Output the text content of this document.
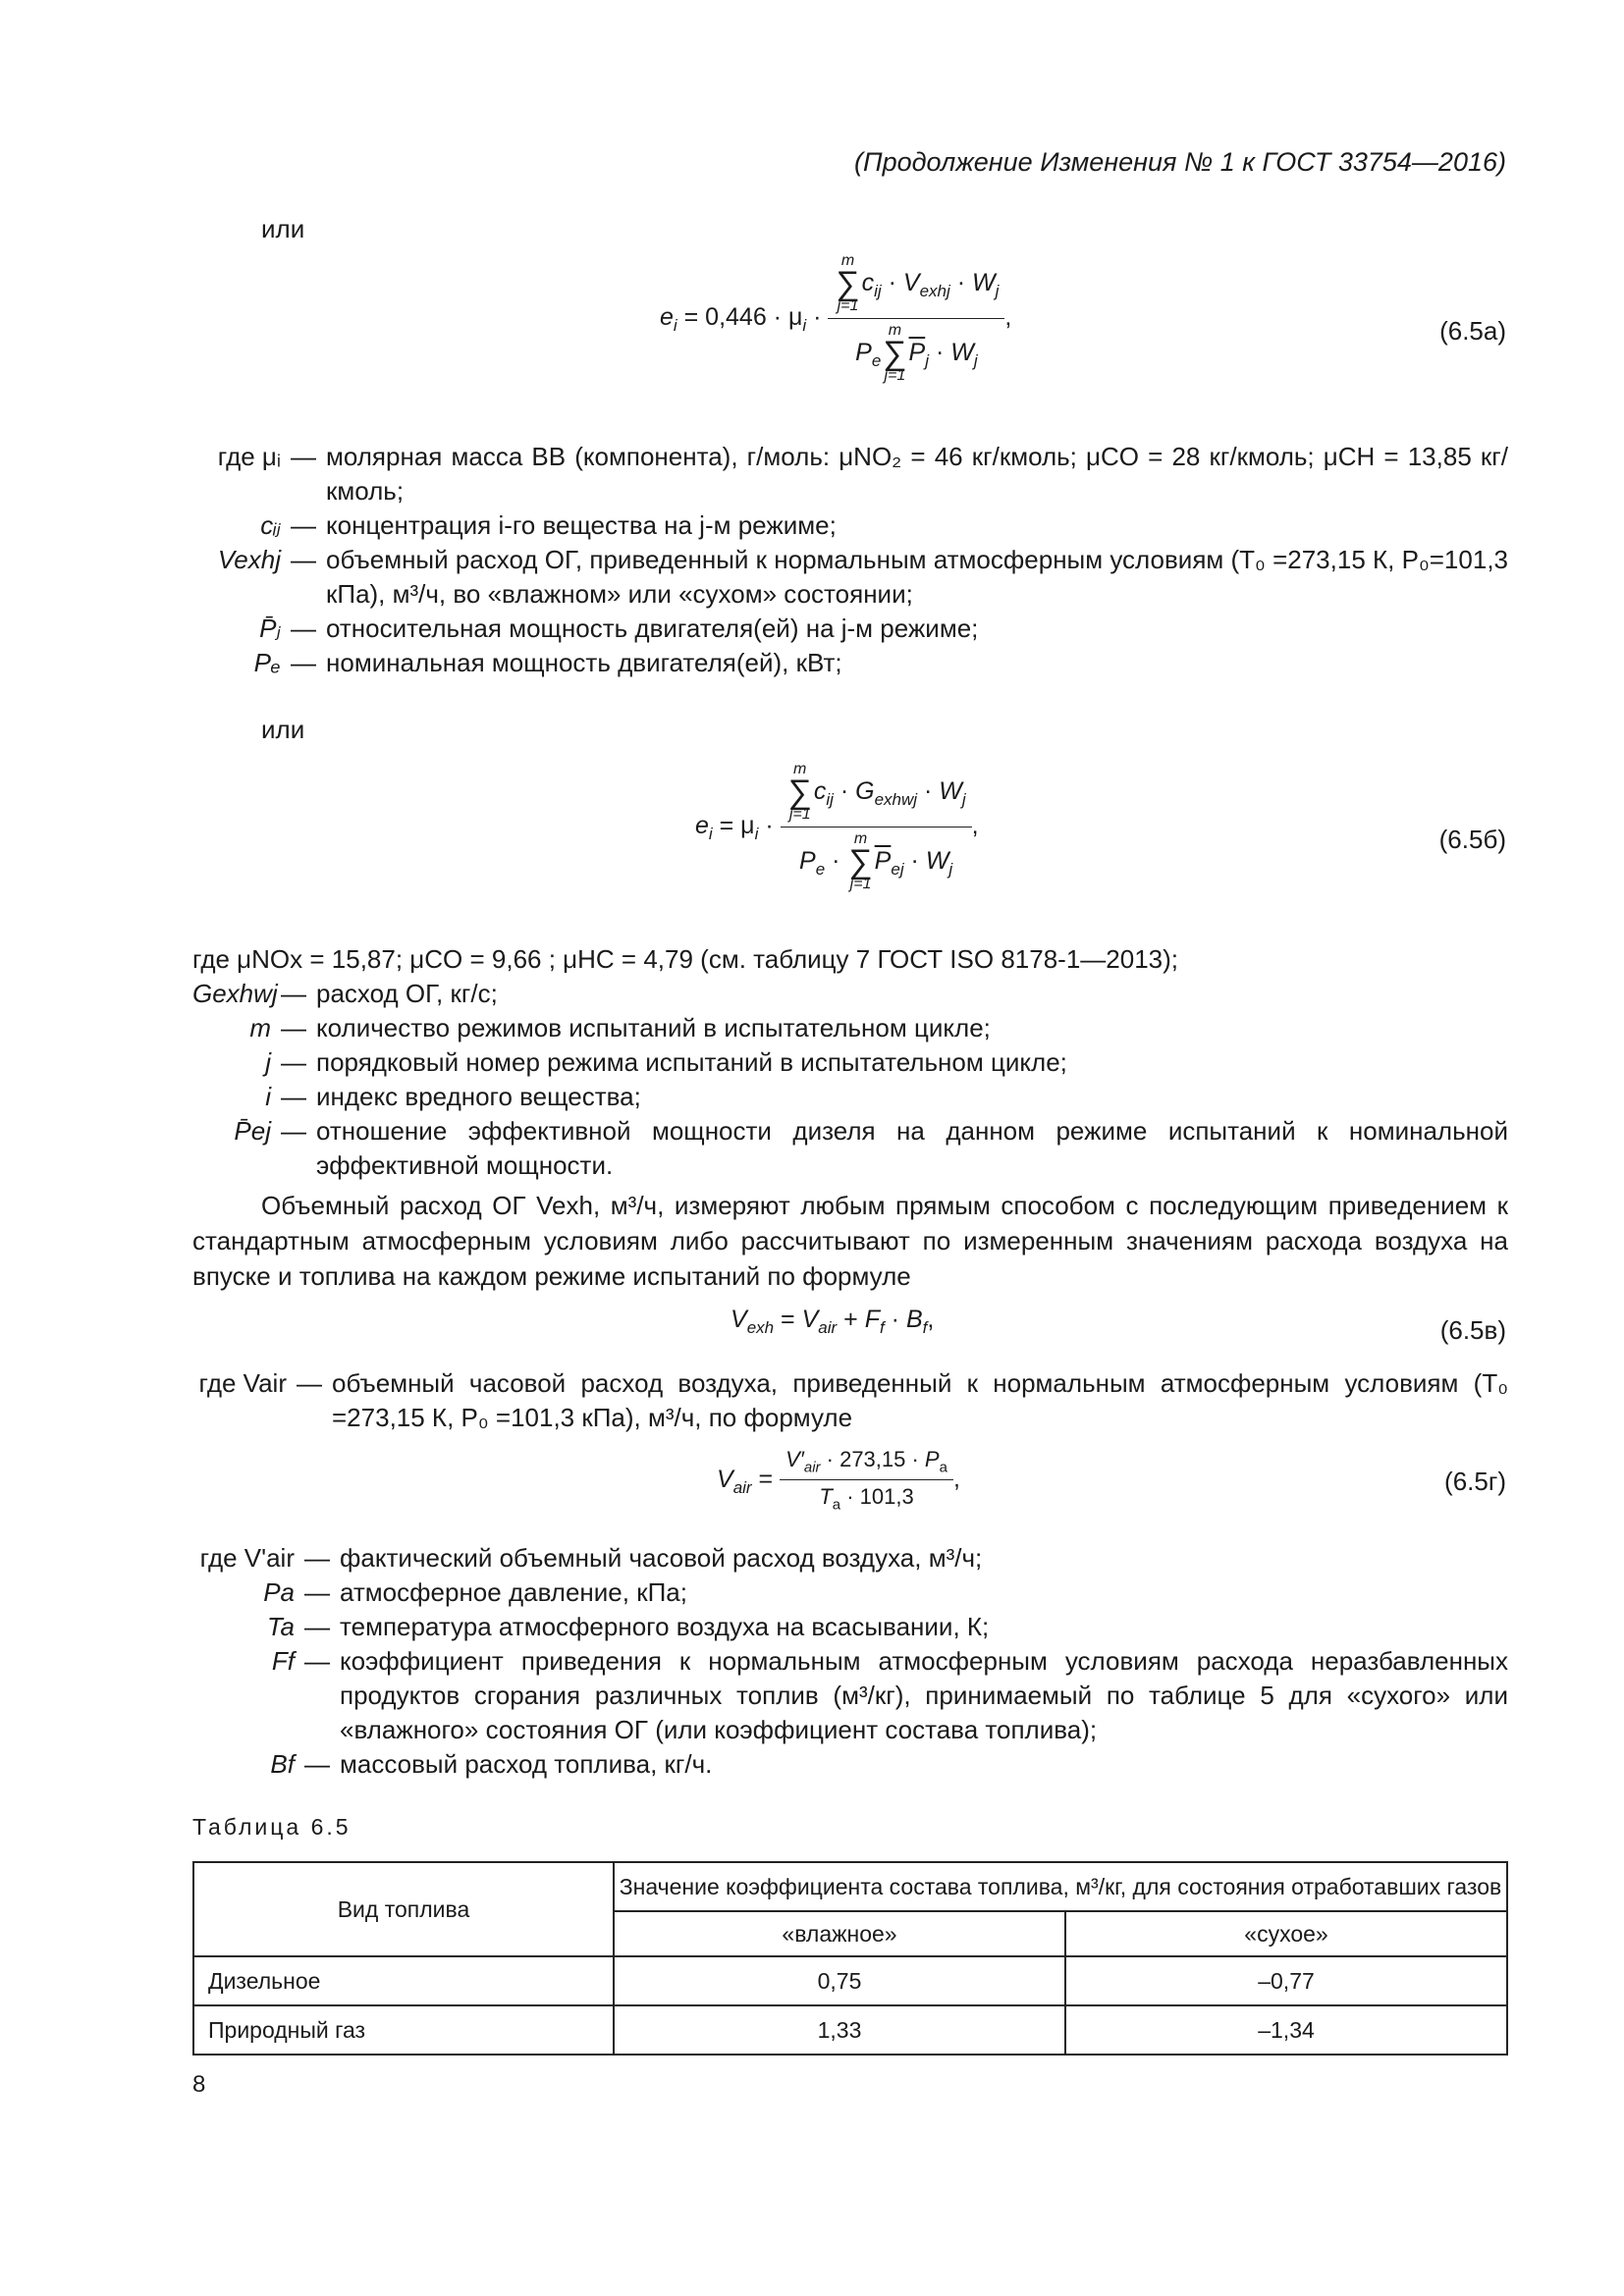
(Продолжение Изменения № 1 к ГОСТ 33754—2016)
или
$e_i = 0,446 \cdot \mu_i \cdot m$
∑
j=1
$c_{ij} \cdot V_{exhj} \cdot W_j$
$P_e$
m
∑
j=1
$\overline{P}_j \cdot W_j$ ,	(6.5а)
где μᵢ — молярная масса ВВ (компонента), г/моль: μNO₂ = 46 кг/кмоль; μCO = 28 кг/кмоль; μCH = 13,85 кг/кмоль;
cᵢⱼ — концентрация i-го вещества на j-м режиме;
Vexhj — объемный расход ОГ, приведенный к нормальным атмосферным условиям (T₀ =273,15 К, P₀=101,3 кПа), м³/ч, во «влажном» или «сухом» состоянии;
P̄ⱼ — относительная мощность двигателя(ей) на j-м режиме;
Pₑ — номинальная мощность двигателя(ей), кВт;
или
$e_i = \mu_i \cdot m$
∑
j=1
$c_{ij} \cdot G_{exhwj} \cdot W_j$
$P_e$ ·
m
∑
j=1
$\overline{P}_{ej} \cdot W_j$ ,	(6.5б)
где μNOx = 15,87; μCO = 9,66 ; μHC = 4,79 (см. таблицу 7 ГОСТ ISO 8178-1—2013);
Gexhwj — расход ОГ, кг/с;
m — количество режимов испытаний в испытательном цикле;
j — порядковый номер режима испытаний в испытательном цикле;
i — индекс вредного вещества;
P̄ej — отношение эффективной мощности дизеля на данном режиме испытаний к номинальной эффективной мощности.
Объемный расход ОГ Vexh, м³/ч, измеряют любым прямым способом с последующим приведением к стандартным атмосферным условиям либо рассчитывают по измеренным значениям расхода воздуха на впуске и топлива на каждом режиме испытаний по формуле
$V_{exh} = V_{air} + F_f \cdot B_f$,	(6.5в)
где Vair — объемный часовой расход воздуха, приведенный к нормальным атмосферным условиям (T₀ =273,15 К, P₀ =101,3 кПа), м³/ч, по формуле
$V_{air} = \frac{V'_{air} \cdot 273,15 \cdot P_a}{T_a \cdot 101,3}$ ,	(6.5г)
где V'air — фактический объемный часовой расход воздуха, м³/ч;
Pa — атмосферное давление, кПа;
Ta — температура атмосферного воздуха на всасывании, К;
Ff — коэффициент приведения к нормальным атмосферным условиям расхода неразбавленных продуктов сгорания различных топлив (м³/кг), принимаемый по таблице 5 для «сухого» или «влажного» состояния ОГ (или коэффициент состава топлива);
Bf — массовый расход топлива, кг/ч.
Таблица 6.5
Вид топлива	Значение коэффициента состава топлива, м³/кг, для состояния отработавших газов	
	«влажное»	«сухое»
Дизельное	0,75	–0,77
Природный газ	1,33	–1,34
8
